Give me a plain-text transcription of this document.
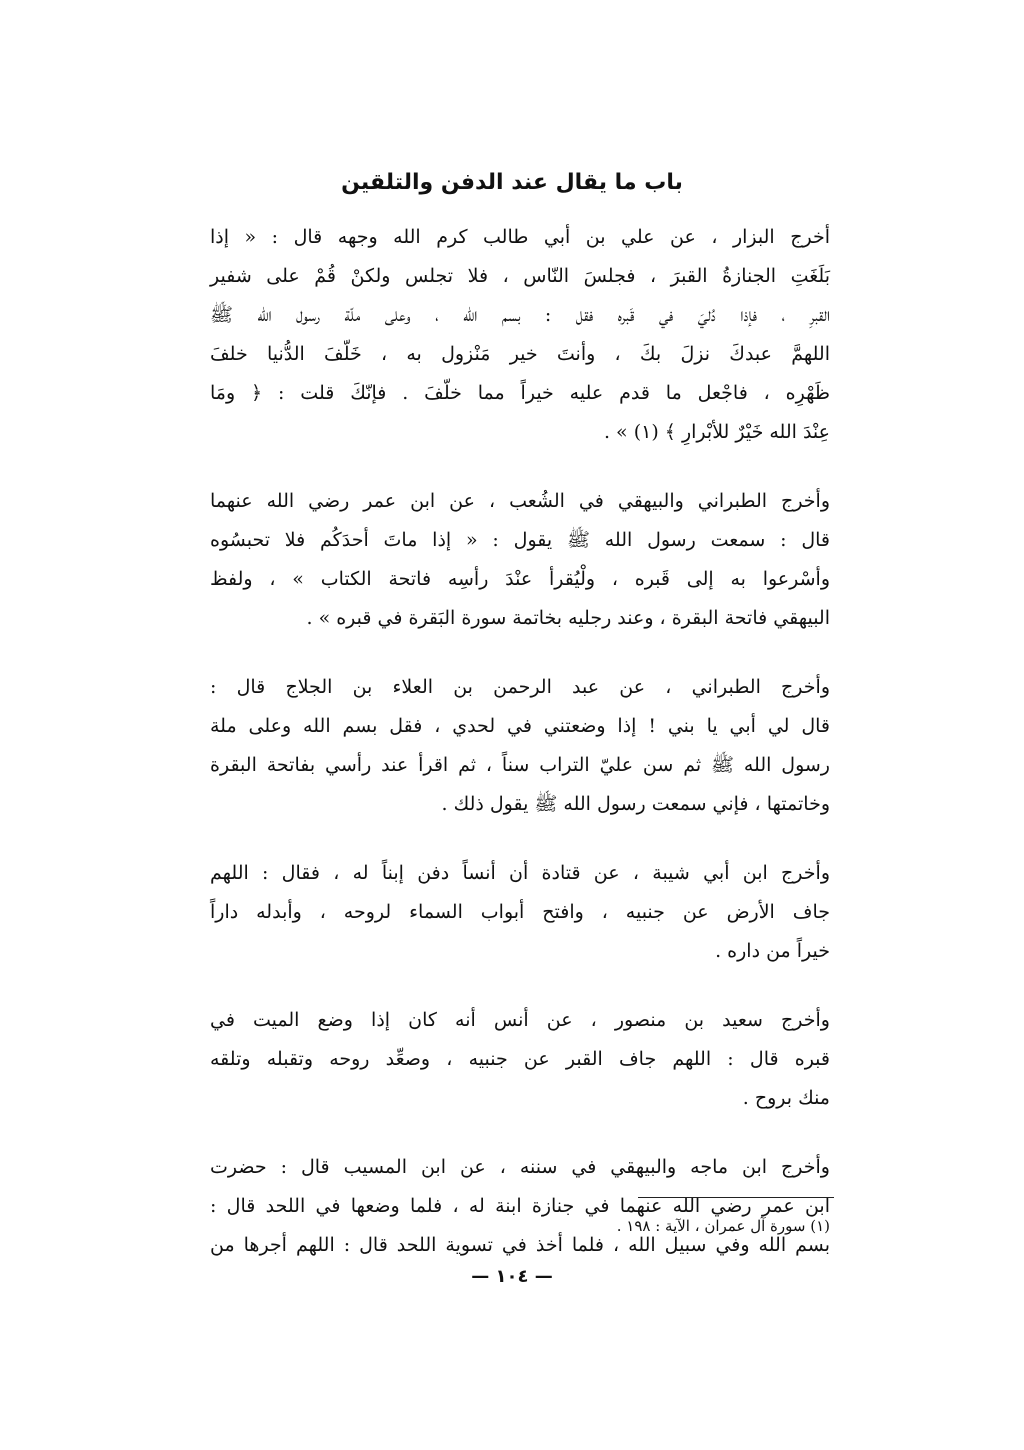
باب ما يقال عند الدفن والتلقين

أخرج البزار ، عن علي بن أبي طالب كرم الله وجهه قال : « إذا
بَلَغَتِ الجنازةُ القبرَ ، فجلسَ النّاس ، فلا تجلس ولكنْ قُمْ على شفير
القبرِ ، فإذا دُليَ في قَبره فقل : بسم الله ، وعلى ملّة رسول الله ﷺ
اللهمَّ عبدكَ نزلَ بكَ ، وأنتَ خير مَنْزول به ، خَلّفَ الدُّنيا خلفَ
ظَهْرِه ، فاجْعل ما قدم عليه خيراً مما خلّفَ . فإنّكَ قلت : ﴿ ومَا
عِنْدَ الله خَيْرٌ للأبْرارِ ﴾ (١) » .

وأخرج الطبراني والبيهقي في الشُعب ، عن ابن عمر رضي الله عنهما
قال : سمعت رسول الله ﷺ يقول : « إذا ماتَ أحدَكُم فلا تحبسُوه
وأسْرعوا به إلى قَبره ، ولْيُقرأ عنْدَ رأسِه فاتحة الكتاب » ، ولفظ
البيهقي فاتحة البقرة ، وعند رجليه بخاتمة سورة البَقرة في قبره » .

وأخرج الطبراني ، عن عبد الرحمن بن العلاء بن الجلاج قال :
قال لي أبي يا بني ! إذا وضعتني في لحدي ، فقل بسم الله وعلى ملة
رسول الله ﷺ ثم سن عليّ التراب سناً ، ثم اقرأ عند رأسي بفاتحة البقرة
وخاتمتها ، فإني سمعت رسول الله ﷺ يقول ذلك .

وأخرج ابن أبي شيبة ، عن قتادة أن أنساً دفن إبناً له ، فقال : اللهم
جاف الأرض عن جنبيه ، وافتح أبواب السماء لروحه ، وأبدله داراً
خيراً من داره .

وأخرج سعيد بن منصور ، عن أنس أنه كان إذا وضع الميت في
قبره قال : اللهم جاف القبر عن جنبيه ، وصعِّد روحه وتقبله وتلقه
منك بروح .

وأخرج ابن ماجه والبيهقي في سننه ، عن ابن المسيب قال : حضرت
ابن عمر رضي الله عنهما في جنازة ابنة له ، فلما وضعها في اللحد قال :
بسم الله وفي سبيل الله ، فلما أخذ في تسوية اللحد قال : اللهم أجرها من

(١) سورة آل عمران ، الآية : ١٩٨ .

— ١٠٤ —
